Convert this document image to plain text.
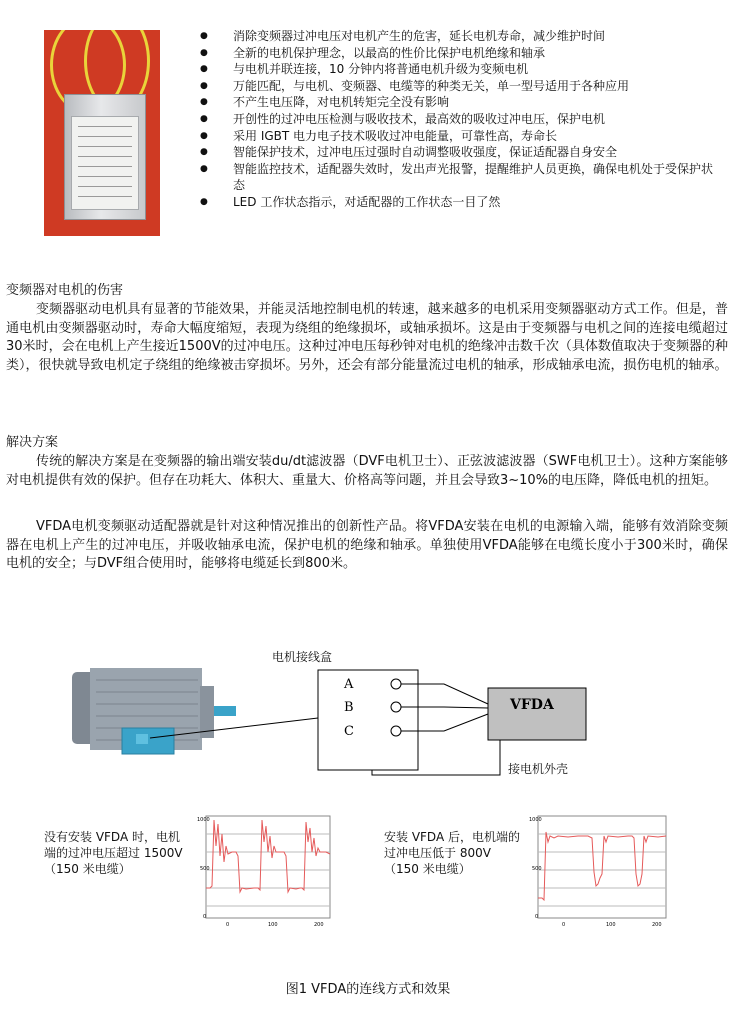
● 消除变频器过冲电压对电机产生的危害，延长电机寿命，减少维护时间
● 全新的电机保护理念，以最高的性价比保护电机绝缘和轴承
● 与电机并联连接，10 分钟内将普通电机升级为变频电机
● 万能匹配，与电机、变频器、电缆等的种类无关，单一型号适用于各种应用
● 不产生电压降，对电机转矩完全没有影响
● 开创性的过冲电压检测与吸收技术，最高效的吸收过冲电压，保护电机
● 采用 IGBT 电力电子技术吸收过冲电能量，可靠性高，寿命长
● 智能保护技术，过冲电压过强时自动调整吸收强度，保证适配器自身安全
● 智能监控技术，适配器失效时，发出声光报警，提醒维护人员更换，确保电机处于受保护状态
● LED 工作状态指示，对适配器的工作状态一目了然
变频器对电机的伤害

变频器驱动电机具有显著的节能效果，并能灵活地控制电机的转速，越来越多的电机采用变频器驱动方式工作。但是，普通电机由变频器驱动时，寿命大幅度缩短，表现为绕组的绝缘损坏，或轴承损坏。这是由于变频器与电机之间的连接电缆超过30米时，会在电机上产生接近1500V的过冲电压。这种过冲电压每秒钟对电机的绝缘冲击数千次（具体数值取决于变频器的种类），很快就导致电机定子绕组的绝缘被击穿损坏。另外，还会有部分能量流过电机的轴承，形成轴承电流，损伤电机的轴承。

解决方案

传统的解决方案是在变频器的输出端安装du/dt滤波器（DVF电机卫士）、正弦波滤波器（SWF电机卫士）。这种方案能够对电机提供有效的保护。但存在功耗大、体积大、重量大、价格高等问题，并且会导致3~10%的电压降，降低电机的扭矩。

VFDA电机变频驱动适配器就是针对这种情况推出的创新性产品。将VFDA安装在电机的电源输入端，能够有效消除变频器在电机上产生的过冲电压，并吸收轴承电流，保护电机的绝缘和轴承。单独使用VFDA能够在电缆长度小于300米时，确保电机的安全；与DVF组合使用时，能够将电缆延长到800米。

A
B
C
VFDA
电机接线盒
接电机外壳
没有安装 VFDA 时，电机端的过冲电压超过 1500V（150 米电缆）
1000
500
0
0	100	200
安装 VFDA 后，电机端的过冲电压低于 800V（150 米电缆）
1000
500
0
0	100	200
图1 VFDA的连线方式和效果
